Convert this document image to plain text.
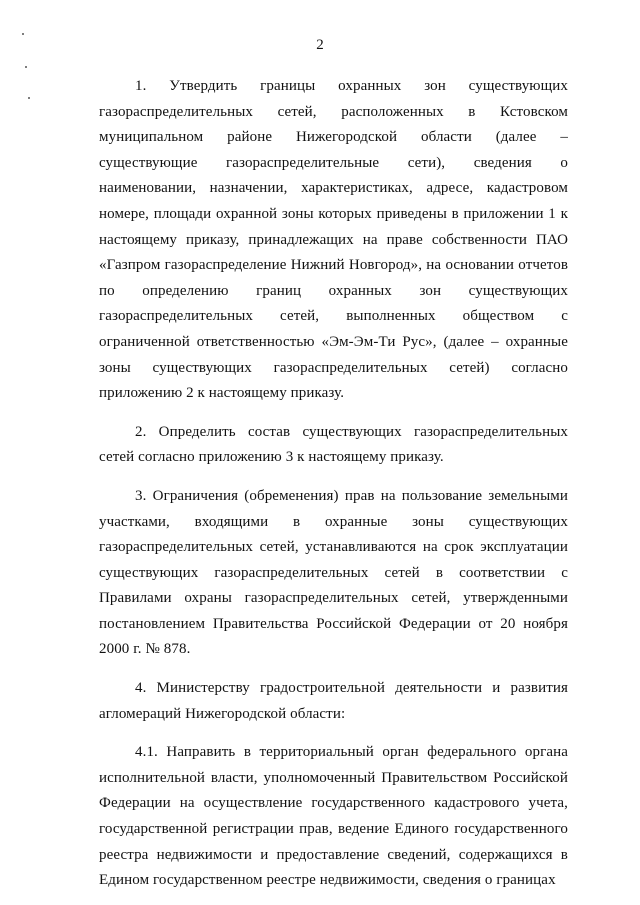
2

1. Утвердить границы охранных зон существующих газораспределительных сетей, расположенных в Кстовском муниципальном районе Нижегородской области (далее – существующие газораспределительные сети), сведения о наименовании, назначении, характеристиках, адресе, кадастровом номере, площади охранной зоны которых приведены в приложении 1 к настоящему приказу, принадлежащих на праве собственности ПАО «Газпром газораспределение Нижний Новгород», на основании отчетов по определению границ охранных зон существующих газораспределительных сетей, выполненных обществом с ограниченной ответственностью «Эм-Эм-Ти Рус», (далее – охранные зоны существующих газораспределительных сетей) согласно приложению 2 к настоящему приказу.

2. Определить состав существующих газораспределительных сетей согласно приложению 3 к настоящему приказу.

3. Ограничения (обременения) прав на пользование земельными участками, входящими в охранные зоны существующих газораспределительных сетей, устанавливаются на срок эксплуатации существующих газораспределительных сетей в соответствии с Правилами охраны газораспределительных сетей, утвержденными постановлением Правительства Российской Федерации от 20 ноября 2000 г. № 878.

4. Министерству градостроительной деятельности и развития агломераций Нижегородской области:

4.1. Направить в территориальный орган федерального органа исполнительной власти, уполномоченный Правительством Российской Федерации на осуществление государственного кадастрового учета, государственной регистрации прав, ведение Единого государственного реестра недвижимости и предоставление сведений, содержащихся в Едином государственном реестре недвижимости, сведения о границах
